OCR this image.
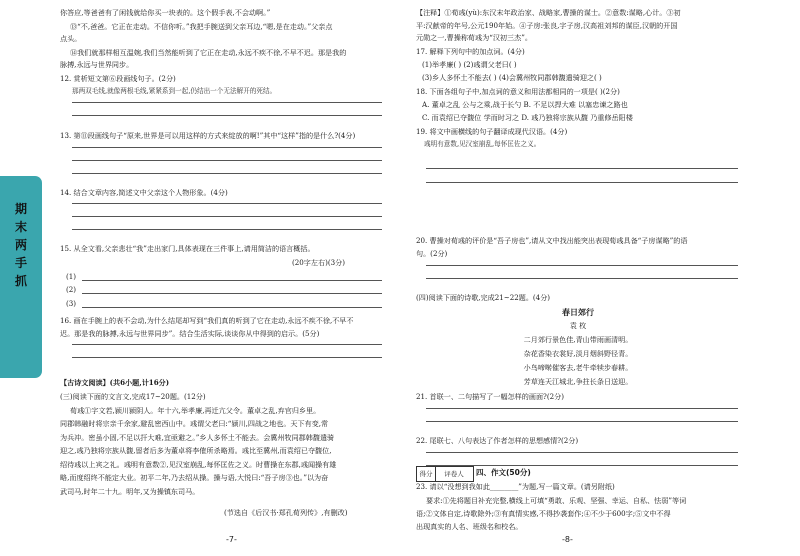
期
末
两
手
抓
你答应,等爸爸有了闲钱就给你买一块表的。这个假手表,不会动啊。”
⑬“不,爸爸。它正在走动。不信你听。”我把手腕送到父亲耳边,“嗯,是在走动。”父亲点
点头。
⑭我们就那样相互温婉,我们当然能听到了它正在走动,永远不疾不徐,不早不迟。那是我的
脉搏,永远与世界同步。
12. 赏析短文第⑥段画线句子。(2分)
那两双毛线,就像两根毛线,紧紧系到一起,仍结出一个无法解开的死结。
13. 第⑪段画线句子“原来,世界是可以用这样的方式来绽放的啊!”其中“这样”指的是什么?(4分)
14. 结合文章内容,简述文中父亲这个人物形象。(4分)
15. 从全文看,父亲悲壮“我”走出家门,具体表现在三件事上,请用简洁的语言概括。
(20字左右)(3分)
(1)
(2)
(3)
16. 画在手腕上的表不会动,为什么结尾却写到“我们真的听到了它在走动,永远不疾不徐,不早不
迟。那是我的脉搏,永远与世界同步”。结合生活实际,谈谈你从中得到的启示。(5分)
【古诗文阅读】(共6小题,计16分)
(三)阅读下面的文言文,完成17~20题。(12分)
荀彧①字文若,颍川颍阴人。年十六,举孝廉,再迁亢父令。董卓之乱,弃官归乡里。
同郡韩融时将宗亲千余家,避乱密西山中。彧谓父老曰:“颍川,四战之地也。天下有变,常
为兵冲。密虽小固,不足以扞大难,宜亟避之。”乡人多怀土不能去。会冀州牧同郡韩馥遣骑
迎之,彧乃独将宗族从馥,留者后多为董卓将李傕所杀略焉。彧比至冀州,而袁绍已夺馥位,
绍待彧以上宾之礼。彧明有意数②,见汉室崩乱,每怀匡佐之义。时曹操在东郡,彧闻操有雄
略,而度绍终不能定大业。初平二年,乃去绍从操。操与语,大悦曰:“吾子房③也。”以为奋
武司马,时年二十九。明年,又为操镇东司马。
(节选自《后汉书·郑孔荀列传》,有删改)
得分	评卷人	四、作文(50分)
【注释】①荀彧(yù):东汉末年政治家、战略家,曹操的谋士。②意数:谋略,心计。③初
平:汉献帝的年号,公元190年始。④子房:张良,字子房,汉高祖刘邦的谋臣,汉朝的开国
元勋之一,曹操称荀彧为“汉初三杰”。
17. 解释下列句中的加点词。(4分)
(1)举孝廉( ) (2)彧谓父老曰( )
(3)乡人多怀土不能去( ) (4)会冀州牧同郡韩馥遣骑迎之( )
18. 下面各组句子中,加点词的意义和用法都相同的一项是( )(2分)
A. 董卓之乱 公与之乘,战于长勺 B. 不足以捍大难 以塞忠谏之路也
C. 而袁绍已夺馥位 学而时习之 D. 彧乃独将宗族从馥 乃重修岳阳楼
19. 将文中画横线的句子翻译成现代汉语。(4分)
彧明有意数,见汉室崩乱,每怀匡佐之义。
20. 曹操对荀彧的评价是“吾子房也”,请从文中找出能突出表现荀彧具备“子房谋略”的语
句。(2分)
(四)阅读下面的诗歌,完成21~22题。(4分)
春日郊行
袁 枚
二月郊行景色佳,青山带雨画清明。
杂花香染衣裳好,淡月烟斜野径青。
小鸟啼啭催客去,老牛牵犊步春耕。
芳草连天江城北,争拄长条日送迎。
21. 首联一、二句描写了一幅怎样的画面?(2分)
22. 尾联七、八句表达了作者怎样的思想感情?(2分)
23. 请以“没想到我如此________”为题,写一篇文章。(请另附纸)
要求:①先将题目补充完整,横线上可填“勇敢、乐观、坚强、幸运、自私、怯弱”等词
语;②文体自定,诗歌除外;③有真情实感,不得抄袭套作;④不少于600字;⑤文中不得
出现真实的人名、班级名和校名。
-7-	-8-
